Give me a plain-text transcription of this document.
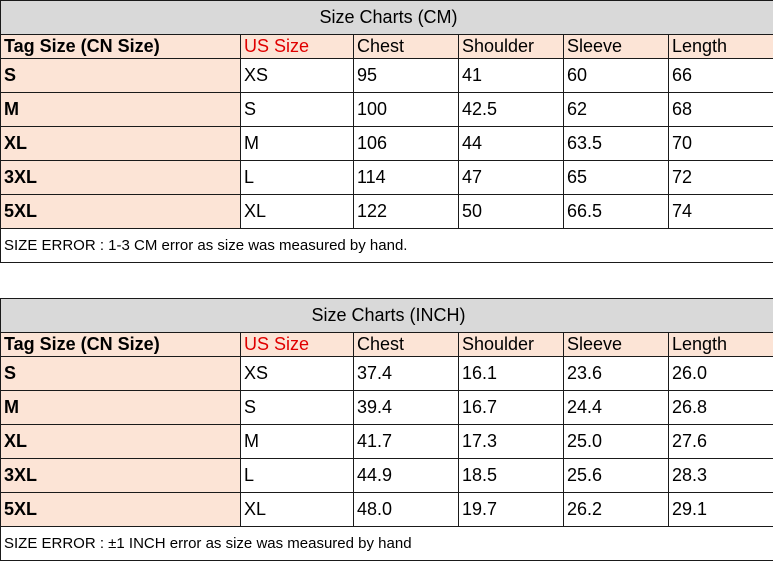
Size Charts (CM)					
Tag Size (CN Size)	US Size	Chest	Shoulder	Sleeve	Length
S	XS	95	41	60	66
M	S	100	42.5	62	68
XL	M	106	44	63.5	70
3XL	L	114	47	65	72
5XL	XL	122	50	66.5	74
SIZE ERROR : 1-3 CM error as size was measured by hand.					
Size Charts (INCH)					
Tag Size (CN Size)	US Size	Chest	Shoulder	Sleeve	Length
S	XS	37.4	16.1	23.6	26.0
M	S	39.4	16.7	24.4	26.8
XL	M	41.7	17.3	25.0	27.6
3XL	L	44.9	18.5	25.6	28.3
5XL	XL	48.0	19.7	26.2	29.1
SIZE ERROR : ±1 INCH error as size was measured by hand					
